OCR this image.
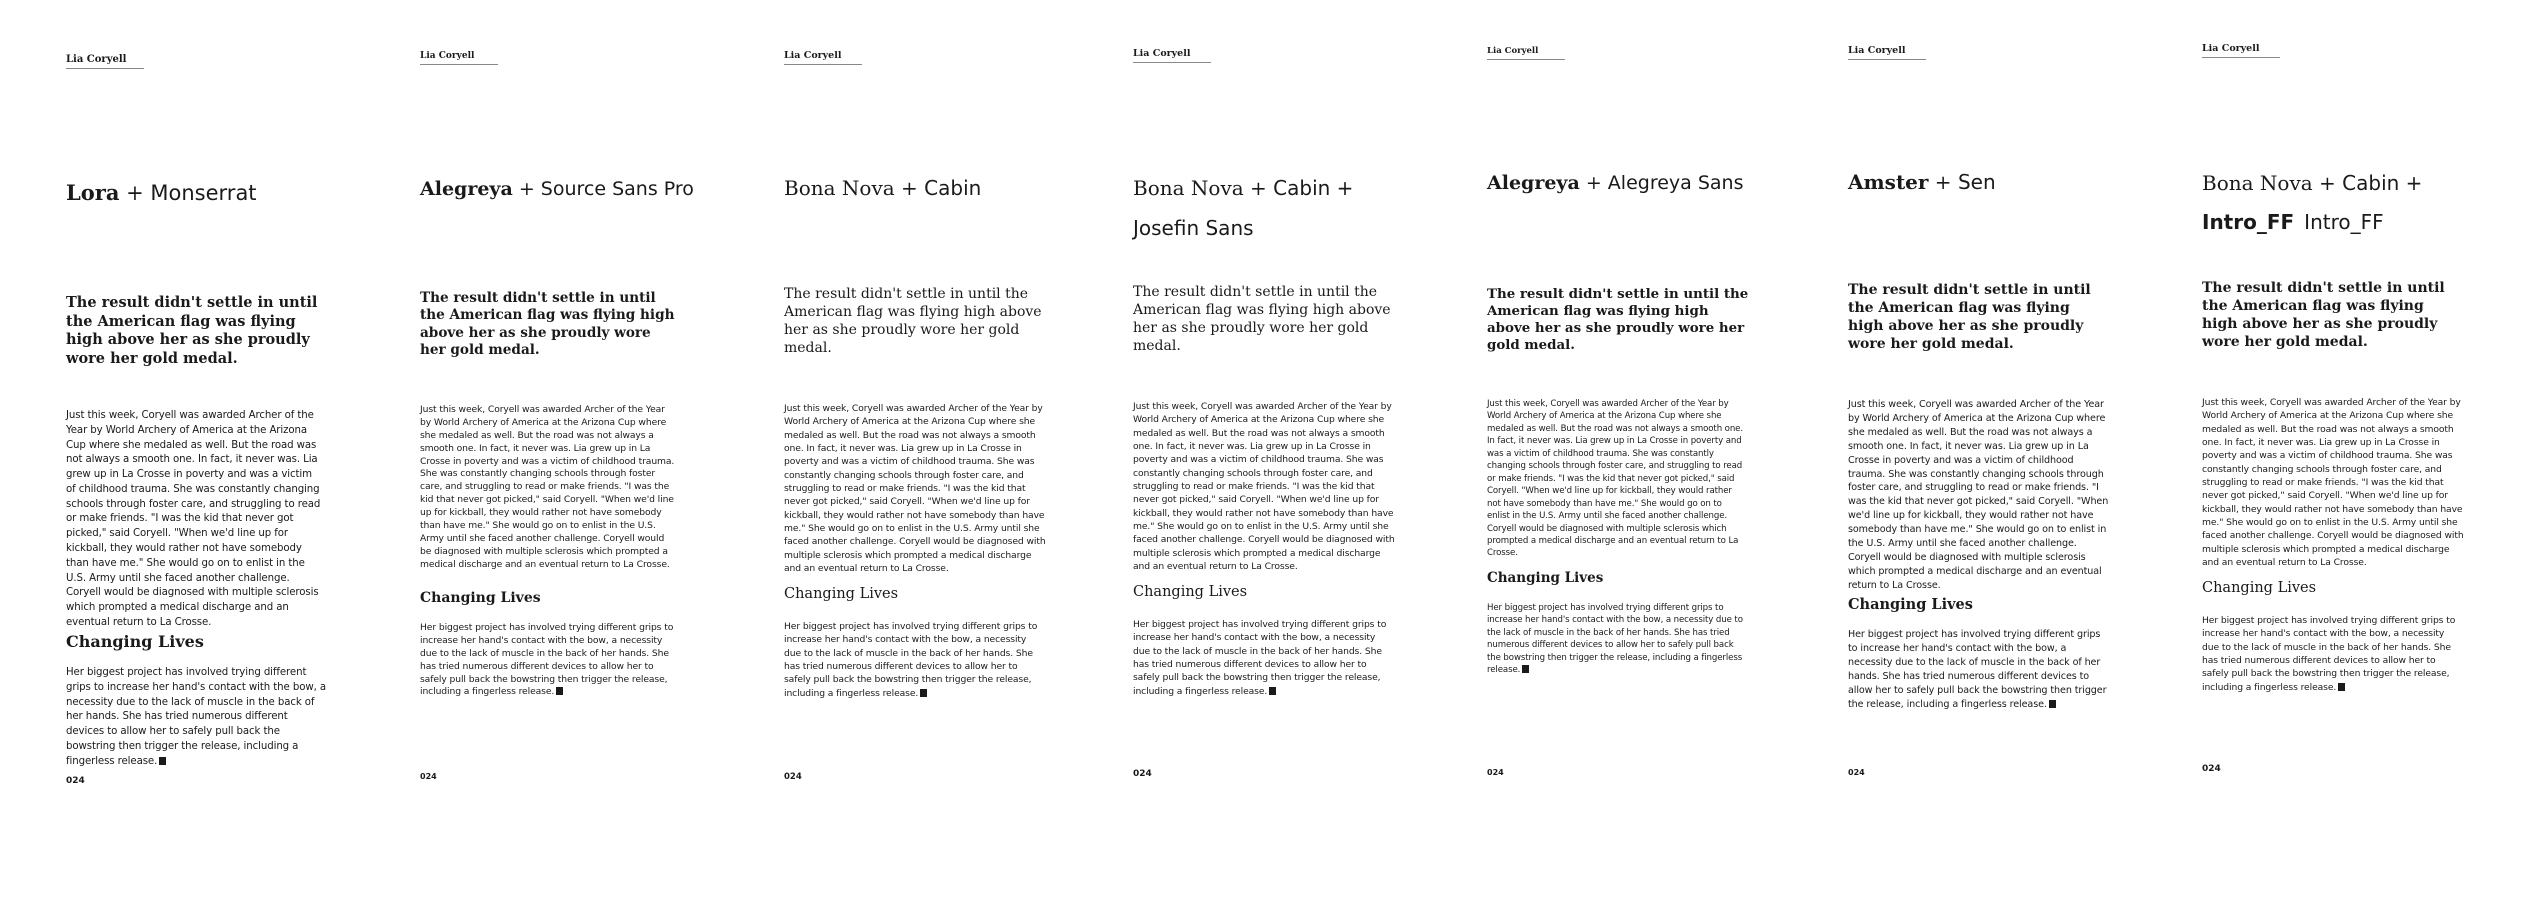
Lia Coryell
Lora + Monserrat
The result didn't settle in until the American flag was flying high above her as she proudly wore her gold medal.
Just this week, Coryell was awarded Archer of the Year by World Archery of America at the Arizona Cup where she medaled as well. But the road was not always a smooth one. In fact, it never was. Lia grew up in La Crosse in poverty and was a victim of childhood trauma. She was constantly changing schools through foster care, and struggling to read or make friends. "I was the kid that never got picked," said Coryell. "When we'd line up for kickball, they would rather not have somebody than have me." She would go on to enlist in the U.S. Army until she faced another challenge. Coryell would be diagnosed with multiple sclerosis which prompted a medical discharge and an eventual return to La Crosse.
Changing Lives
Her biggest project has involved trying different grips to increase her hand's contact with the bow, a necessity due to the lack of muscle in the back of her hands. She has tried numerous different devices to allow her to safely pull back the bowstring then trigger the release, including a fingerless release.
024
Lia Coryell
Alegreya + Source Sans Pro
The result didn't settle in until the American flag was flying high above her as she proudly wore her gold medal.
Just this week, Coryell was awarded Archer of the Year by World Archery of America at the Arizona Cup where she medaled as well. But the road was not always a smooth one. In fact, it never was. Lia grew up in La Crosse in poverty and was a victim of childhood trauma. She was constantly changing schools through foster care, and struggling to read or make friends. "I was the kid that never got picked," said Coryell. "When we'd line up for kickball, they would rather not have somebody than have me." She would go on to enlist in the U.S. Army until she faced another challenge. Coryell would be diagnosed with multiple sclerosis which prompted a medical discharge and an eventual return to La Crosse.
Changing Lives
Her biggest project has involved trying different grips to increase her hand's contact with the bow, a necessity due to the lack of muscle in the back of her hands. She has tried numerous different devices to allow her to safely pull back the bowstring then trigger the release, including a fingerless release.
024
Lia Coryell
Bona Nova + Cabin
The result didn't settle in until the American flag was flying high above her as she proudly wore her gold medal.
Just this week, Coryell was awarded Archer of the Year by World Archery of America at the Arizona Cup where she medaled as well. But the road was not always a smooth one. In fact, it never was. Lia grew up in La Crosse in poverty and was a victim of childhood trauma. She was constantly changing schools through foster care, and struggling to read or make friends. "I was the kid that never got picked," said Coryell. "When we'd line up for kickball, they would rather not have somebody than have me." She would go on to enlist in the U.S. Army until she faced another challenge. Coryell would be diagnosed with multiple sclerosis which prompted a medical discharge and an eventual return to La Crosse.
Changing Lives
Her biggest project has involved trying different grips to increase her hand's contact with the bow, a necessity due to the lack of muscle in the back of her hands. She has tried numerous different devices to allow her to safely pull back the bowstring then trigger the release, including a fingerless release.
024
Lia Coryell
Bona Nova + Cabin +
Josefin Sans
The result didn't settle in until the American flag was flying high above her as she proudly wore her gold medal.
Just this week, Coryell was awarded Archer of the Year by World Archery of America at the Arizona Cup where she medaled as well. But the road was not always a smooth one. In fact, it never was. Lia grew up in La Crosse in poverty and was a victim of childhood trauma. She was constantly changing schools through foster care, and struggling to read or make friends. "I was the kid that never got picked," said Coryell. "When we'd line up for kickball, they would rather not have somebody than have me." She would go on to enlist in the U.S. Army until she faced another challenge. Coryell would be diagnosed with multiple sclerosis which prompted a medical discharge and an eventual return to La Crosse.
Changing Lives
Her biggest project has involved trying different grips to increase her hand's contact with the bow, a necessity due to the lack of muscle in the back of her hands. She has tried numerous different devices to allow her to safely pull back the bowstring then trigger the release, including a fingerless release.
024
Lia Coryell
Alegreya + Alegreya Sans
The result didn't settle in until the American flag was flying high above her as she proudly wore her gold medal.
Just this week, Coryell was awarded Archer of the Year by World Archery of America at the Arizona Cup where she medaled as well. But the road was not always a smooth one. In fact, it never was. Lia grew up in La Crosse in poverty and was a victim of childhood trauma. She was constantly changing schools through foster care, and struggling to read or make friends. "I was the kid that never got picked," said Coryell. "When we'd line up for kickball, they would rather not have somebody than have me." She would go on to enlist in the U.S. Army until she faced another challenge. Coryell would be diagnosed with multiple sclerosis which prompted a medical discharge and an eventual return to La Crosse.
Changing Lives
Her biggest project has involved trying different grips to increase her hand's contact with the bow, a necessity due to the lack of muscle in the back of her hands. She has tried numerous different devices to allow her to safely pull back the bowstring then trigger the release, including a fingerless release.
024
Lia Coryell
Amster + Sen
The result didn't settle in until the American flag was flying high above her as she proudly wore her gold medal.
Just this week, Coryell was awarded Archer of the Year by World Archery of America at the Arizona Cup where she medaled as well. But the road was not always a smooth one. In fact, it never was. Lia grew up in La Crosse in poverty and was a victim of childhood trauma. She was constantly changing schools through foster care, and struggling to read or make friends. "I was the kid that never got picked," said Coryell. "When we'd line up for kickball, they would rather not have somebody than have me." She would go on to enlist in the U.S. Army until she faced another challenge. Coryell would be diagnosed with multiple sclerosis which prompted a medical discharge and an eventual return to La Crosse.
Changing Lives
Her biggest project has involved trying different grips to increase her hand's contact with the bow, a necessity due to the lack of muscle in the back of her hands. She has tried numerous different devices to allow her to safely pull back the bowstring then trigger the release, including a fingerless release.
024
Lia Coryell
Bona Nova + Cabin +
Intro_FF Intro_FF
The result didn't settle in until the American flag was flying high above her as she proudly wore her gold medal.
Just this week, Coryell was awarded Archer of the Year by World Archery of America at the Arizona Cup where she medaled as well. But the road was not always a smooth one. In fact, it never was. Lia grew up in La Crosse in poverty and was a victim of childhood trauma. She was constantly changing schools through foster care, and struggling to read or make friends. "I was the kid that never got picked," said Coryell. "When we'd line up for kickball, they would rather not have somebody than have me." She would go on to enlist in the U.S. Army until she faced another challenge. Coryell would be diagnosed with multiple sclerosis which prompted a medical discharge and an eventual return to La Crosse.
Changing Lives
Her biggest project has involved trying different grips to increase her hand's contact with the bow, a necessity due to the lack of muscle in the back of her hands. She has tried numerous different devices to allow her to safely pull back the bowstring then trigger the release, including a fingerless release.
024
